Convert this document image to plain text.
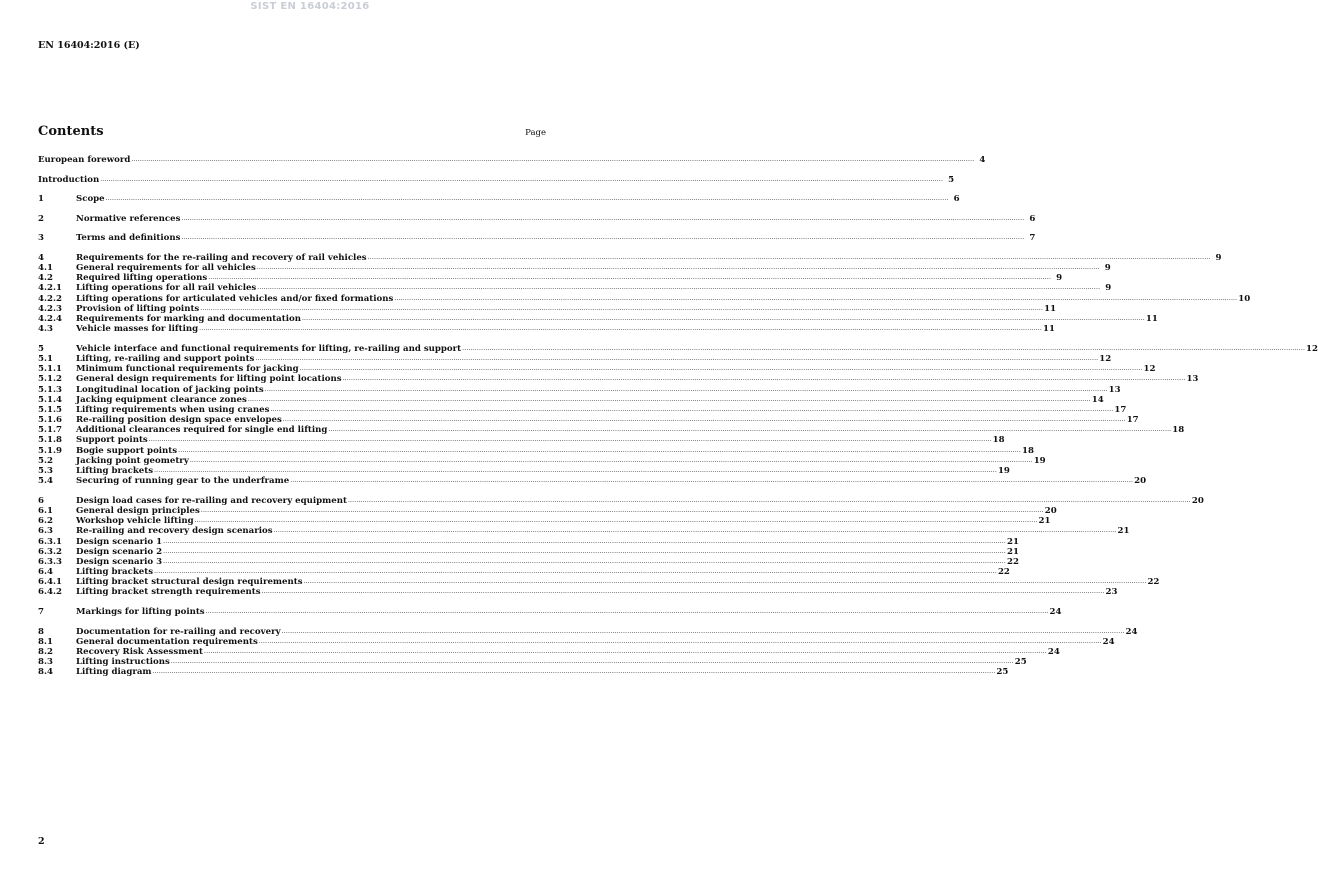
SIST EN 16404:2016
EN 16404:2016 (E)
Contents	Page
European foreword ................................................................................................................................................................................................................................................................................................................................................................................................................ 4
Introduction ................................................................................................................................................................................................................................................................................................................................................................................................................ 5
1	Scope ................................................................................................................................................................................................................................................................................................................................................................................................................ 6
2	Normative references ................................................................................................................................................................................................................................................................................................................................................................................................................ 6
3	Terms and definitions ................................................................................................................................................................................................................................................................................................................................................................................................................ 7
4	Requirements for the re-railing and recovery of rail vehicles ................................................................................................................................................................................................................................................................................................................................................................................................................ 9
4.1	General requirements for all vehicles ................................................................................................................................................................................................................................................................................................................................................................................................................ 9
4.2	Required lifting operations ................................................................................................................................................................................................................................................................................................................................................................................................................ 9
4.2.1	Lifting operations for all rail vehicles ................................................................................................................................................................................................................................................................................................................................................................................................................ 9
4.2.2	Lifting operations for articulated vehicles and/or fixed formations ................................................................................................................................................................................................................................................................................................................................................................................................................ 10
4.2.3	Provision of lifting points ................................................................................................................................................................................................................................................................................................................................................................................................................ 11
4.2.4	Requirements for marking and documentation ................................................................................................................................................................................................................................................................................................................................................................................................................ 11
4.3	Vehicle masses for lifting ................................................................................................................................................................................................................................................................................................................................................................................................................ 11
5	Vehicle interface and functional requirements for lifting, re-railing and support ................................................................................................................................................................................................................................................................................................................................................................................................................ 12
5.1	Lifting, re-railing and support points ................................................................................................................................................................................................................................................................................................................................................................................................................ 12
5.1.1	Minimum functional requirements for jacking ................................................................................................................................................................................................................................................................................................................................................................................................................ 12
5.1.2	General design requirements for lifting point locations ................................................................................................................................................................................................................................................................................................................................................................................................................ 13
5.1.3	Longitudinal location of jacking points ................................................................................................................................................................................................................................................................................................................................................................................................................ 13
5.1.4	Jacking equipment clearance zones ................................................................................................................................................................................................................................................................................................................................................................................................................ 14
5.1.5	Lifting requirements when using cranes ................................................................................................................................................................................................................................................................................................................................................................................................................ 17
5.1.6	Re-railing position design space envelopes ................................................................................................................................................................................................................................................................................................................................................................................................................ 17
5.1.7	Additional clearances required for single end lifting ................................................................................................................................................................................................................................................................................................................................................................................................................ 18
5.1.8	Support points ................................................................................................................................................................................................................................................................................................................................................................................................................ 18
5.1.9	Bogie support points ................................................................................................................................................................................................................................................................................................................................................................................................................ 18
5.2	Jacking point geometry ................................................................................................................................................................................................................................................................................................................................................................................................................ 19
5.3	Lifting brackets ................................................................................................................................................................................................................................................................................................................................................................................................................ 19
5.4	Securing of running gear to the underframe ................................................................................................................................................................................................................................................................................................................................................................................................................ 20
6	Design load cases for re-railing and recovery equipment ................................................................................................................................................................................................................................................................................................................................................................................................................ 20
6.1	General design principles ................................................................................................................................................................................................................................................................................................................................................................................................................ 20
6.2	Workshop vehicle lifting ................................................................................................................................................................................................................................................................................................................................................................................................................ 21
6.3	Re-railing and recovery design scenarios ................................................................................................................................................................................................................................................................................................................................................................................................................ 21
6.3.1	Design scenario 1 ................................................................................................................................................................................................................................................................................................................................................................................................................ 21
6.3.2	Design scenario 2 ................................................................................................................................................................................................................................................................................................................................................................................................................ 21
6.3.3	Design scenario 3 ................................................................................................................................................................................................................................................................................................................................................................................................................ 22
6.4	Lifting brackets ................................................................................................................................................................................................................................................................................................................................................................................................................ 22
6.4.1	Lifting bracket structural design requirements ................................................................................................................................................................................................................................................................................................................................................................................................................ 22
6.4.2	Lifting bracket strength requirements ................................................................................................................................................................................................................................................................................................................................................................................................................ 23
7	Markings for lifting points ................................................................................................................................................................................................................................................................................................................................................................................................................ 24
8	Documentation for re-railing and recovery ................................................................................................................................................................................................................................................................................................................................................................................................................ 24
8.1	General documentation requirements ................................................................................................................................................................................................................................................................................................................................................................................................................ 24
8.2	Recovery Risk Assessment ................................................................................................................................................................................................................................................................................................................................................................................................................ 24
8.3	Lifting instructions ................................................................................................................................................................................................................................................................................................................................................................................................................ 25
8.4	Lifting diagram ................................................................................................................................................................................................................................................................................................................................................................................................................ 25
2
